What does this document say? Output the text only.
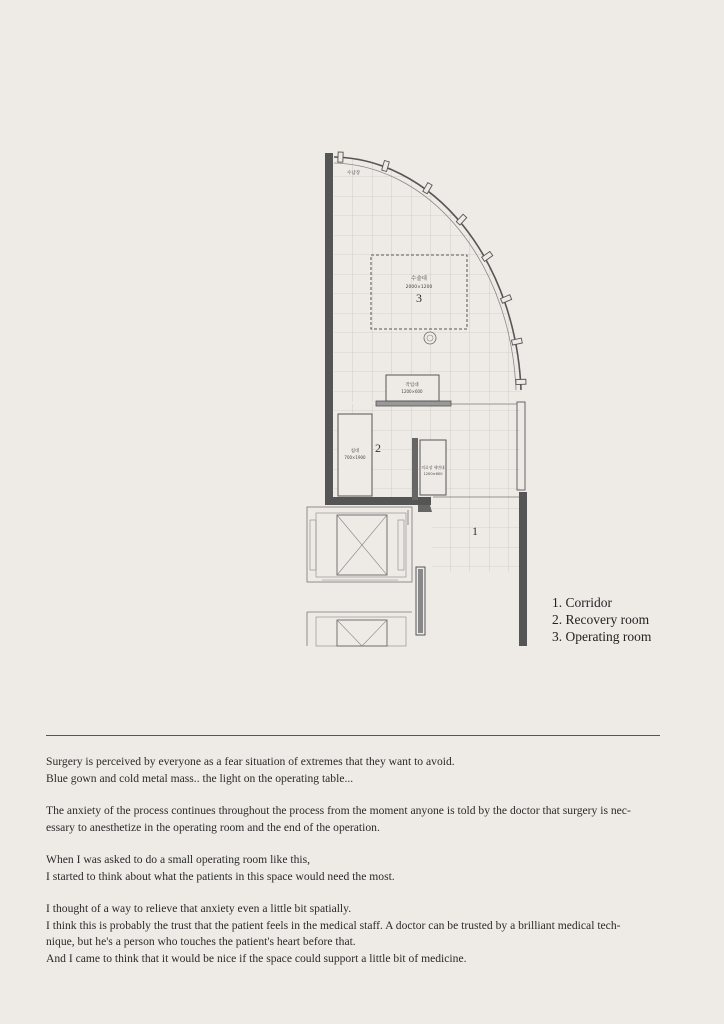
수술대
2000×1200
3
작업대
1200×600
수납장
침대
700×1900
2
의료장 세면대
1200×600
1
1. Corridor
2. Recovery room
3. Operating room

Surgery is perceived by everyone as a fear situation of extremes that they want to avoid.
Blue gown and cold metal mass.. the light on the operating table...

The anxiety of the process continues throughout the process from the moment anyone is told by the doctor that surgery is nec-
essary to anesthetize in the operating room and the end of the operation.

When I was asked to do a small operating room like this,
I started to think about what the patients in this space would need the most.

I thought of a way to relieve that anxiety even a little bit spatially.
I think this is probably the trust that the patient feels in the medical staff. A doctor can be trusted by a brilliant medical tech-
nique, but he's a person who touches the patient's heart before that.
And I came to think that it would be nice if the space could support a little bit of medicine.
